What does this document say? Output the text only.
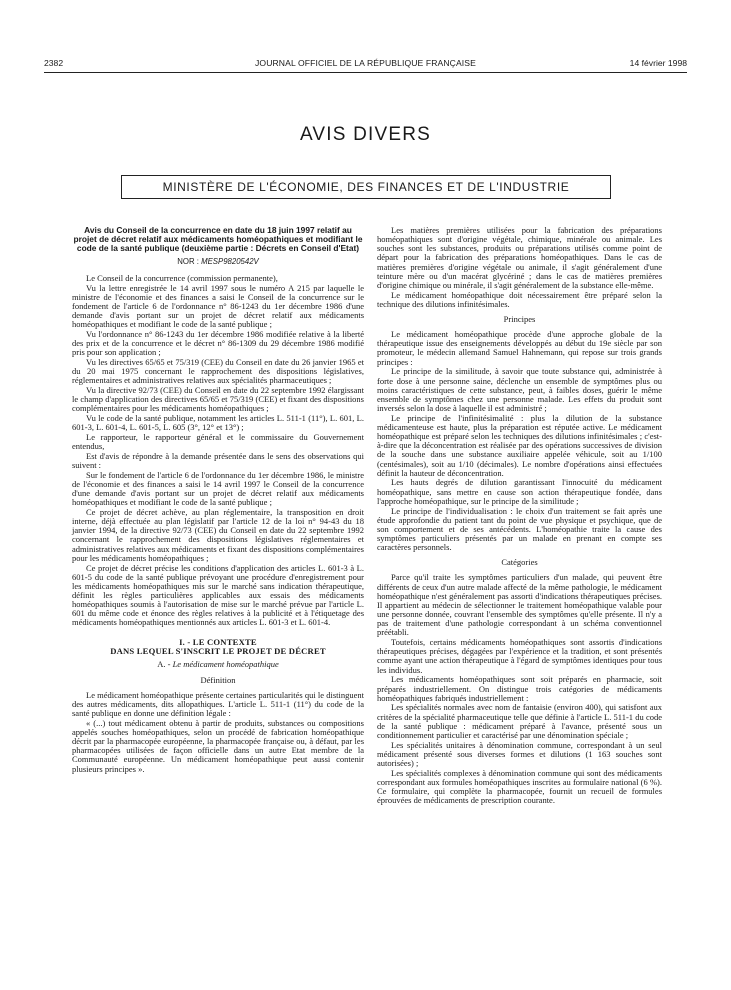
2382	JOURNAL OFFICIEL DE LA RÉPUBLIQUE FRANÇAISE	14 février 1998
AVIS DIVERS
MINISTÈRE DE L'ÉCONOMIE, DES FINANCES ET DE L'INDUSTRIE
Avis du Conseil de la concurrence en date du 18 juin 1997 relatif au projet de décret relatif aux médicaments homéopathiques et modifiant le code de la santé publique (deuxième partie : Décrets en Conseil d'Etat)
NOR : MESP9820542V

Le Conseil de la concurrence (commission permanente),

Vu la lettre enregistrée le 14 avril 1997 sous le numéro A 215 par laquelle le ministre de l'économie et des finances a saisi le Conseil de la concurrence sur le fondement de l'article 6 de l'ordonnance n° 86-1243 du 1er décembre 1986 d'une demande d'avis portant sur un projet de décret relatif aux médicaments homéopathiques et modifiant le code de la santé publique ;

Vu l'ordonnance n° 86-1243 du 1er décembre 1986 modifiée relative à la liberté des prix et de la concurrence et le décret n° 86-1309 du 29 décembre 1986 modifié pris pour son application ;

Vu les directives 65/65 et 75/319 (CEE) du Conseil en date du 26 janvier 1965 et du 20 mai 1975 concernant le rapprochement des dispositions législatives, réglementaires et administratives relatives aux spécialités pharmaceutiques ;

Vu la directive 92/73 (CEE) du Conseil en date du 22 septembre 1992 élargissant le champ d'application des directives 65/65 et 75/319 (CEE) et fixant des dispositions complémentaires pour les médicaments homéopathiques ;

Vu le code de la santé publique, notamment les articles L. 511-1 (11°), L. 601, L. 601-3, L. 601-4, L. 601-5, L. 605 (3°, 12° et 13°) ;

Le rapporteur, le rapporteur général et le commissaire du Gouvernement entendus,

Est d'avis de répondre à la demande présentée dans le sens des observations qui suivent :

Sur le fondement de l'article 6 de l'ordonnance du 1er décembre 1986, le ministre de l'économie et des finances a saisi le 14 avril 1997 le Conseil de la concurrence d'une demande d'avis portant sur un projet de décret relatif aux médicaments homéopathiques et modifiant le code de la santé publique ;

Ce projet de décret achève, au plan réglementaire, la transposition en droit interne, déjà effectuée au plan législatif par l'article 12 de la loi n° 94-43 du 18 janvier 1994, de la directive 92/73 (CEE) du Conseil en date du 22 septembre 1992 concernant le rapprochement des dispositions législatives réglementaires et administratives relatives aux médicaments et fixant des dispositions complémentaires pour les médicaments homéopathiques ;

Ce projet de décret précise les conditions d'application des articles L. 601-3 à L. 601-5 du code de la santé publique prévoyant une procédure d'enregistrement pour les médicaments homéopathiques mis sur le marché sans indication thérapeutique, définit les règles particulières applicables aux essais des médicaments homéopathiques soumis à l'autorisation de mise sur le marché prévue par l'article L. 601 du même code et énonce des règles relatives à la publicité et à l'étiquetage des médicaments homéopathiques mentionnés aux articles L. 601-3 et L. 601-4.

I. - LE CONTEXTE
DANS LEQUEL S'INSCRIT LE PROJET DE DÉCRET
A. - Le médicament homéopathique
Définition

Le médicament homéopathique présente certaines particularités qui le distinguent des autres médicaments, dits allopathiques. L'article L. 511-1 (11°) du code de la santé publique en donne une définition légale :

« (...) tout médicament obtenu à partir de produits, substances ou compositions appelés souches homéopathiques, selon un procédé de fabrication homéopathique décrit par la pharmacopée européenne, la pharmacopée française ou, à défaut, par les pharmacopées utilisées de façon officielle dans un autre Etat membre de la Communauté européenne. Un médicament homéopathique peut aussi contenir plusieurs principes ».

Les matières premières utilisées pour la fabrication des préparations homéopathiques sont d'origine végétale, chimique, minérale ou animale. Les souches sont les substances, produits ou préparations utilisés comme point de départ pour la fabrication des préparations homéopathiques. Dans le cas de matières premières d'origine végétale ou animale, il s'agit généralement d'une teinture mère ou d'un macérat glycériné ; dans le cas de matières premières d'origine chimique ou minérale, il s'agit généralement de la substance elle-même.

Le médicament homéopathique doit nécessairement être préparé selon la technique des dilutions infinitésimales.

Principes

Le médicament homéopathique procède d'une approche globale de la thérapeutique issue des enseignements développés au début du 19e siècle par son promoteur, le médecin allemand Samuel Hahnemann, qui repose sur trois grands principes :

Le principe de la similitude, à savoir que toute substance qui, administrée à forte dose à une personne saine, déclenche un ensemble de symptômes plus ou moins caractéristiques de cette substance, peut, à faibles doses, guérir le même ensemble de symptômes chez une personne malade. Les effets du produit sont inversés selon la dose à laquelle il est administré ;

Le principe de l'infinitésimalité : plus la dilution de la substance médicamenteuse est haute, plus la préparation est réputée active. Le médicament homéopathique est préparé selon les techniques des dilutions infinitésimales ; c'est-à-dire que la déconcentration est réalisée par des opérations successives de division de la souche dans une substance auxiliaire appelée véhicule, soit au 1/100 (centésimales), soit au 1/10 (décimales). Le nombre d'opérations ainsi effectuées définit la hauteur de déconcentration.

Les hauts degrés de dilution garantissant l'innocuité du médicament homéopathique, sans mettre en cause son action thérapeutique fondée, dans l'approche homéopathique, sur le principe de la similitude ;

Le principe de l'individualisation : le choix d'un traitement se fait après une étude approfondie du patient tant du point de vue physique et psychique, que de son comportement et de ses antécédents. L'homéopathie traite la cause des symptômes particuliers présentés par un malade en prenant en compte ses caractères personnels.

Catégories

Parce qu'il traite les symptômes particuliers d'un malade, qui peuvent être différents de ceux d'un autre malade affecté de la même pathologie, le médicament homéopathique n'est généralement pas assorti d'indications thérapeutiques précises. Il appartient au médecin de sélectionner le traitement homéopathique valable pour une personne donnée, couvrant l'ensemble des symptômes qu'elle présente. Il n'y a pas de traitement d'une pathologie correspondant à un schéma conventionnel préétabli.

Toutefois, certains médicaments homéopathiques sont assortis d'indications thérapeutiques précises, dégagées par l'expérience et la tradition, et sont présentés comme ayant une action thérapeutique à l'égard de symptômes identiques pour tous les individus.

Les médicaments homéopathiques sont soit préparés en pharmacie, soit préparés industriellement. On distingue trois catégories de médicaments homéopathiques fabriqués industriellement :

Les spécialités normales avec nom de fantaisie (environ 400), qui satisfont aux critères de la spécialité pharmaceutique telle que définie à l'article L. 511-1 du code de la santé publique : médicament préparé à l'avance, présenté sous un conditionnement particulier et caractérisé par une dénomination spéciale ;

Les spécialités unitaires à dénomination commune, correspondant à un seul médicament présenté sous diverses formes et dilutions (1 163 souches sont autorisées) ;

Les spécialités complexes à dénomination commune qui sont des médicaments correspondant aux formules homéopathiques inscrites au formulaire national (6 %). Ce formulaire, qui complète la pharmacopée, fournit un recueil de formules éprouvées de médicaments de prescription courante.
